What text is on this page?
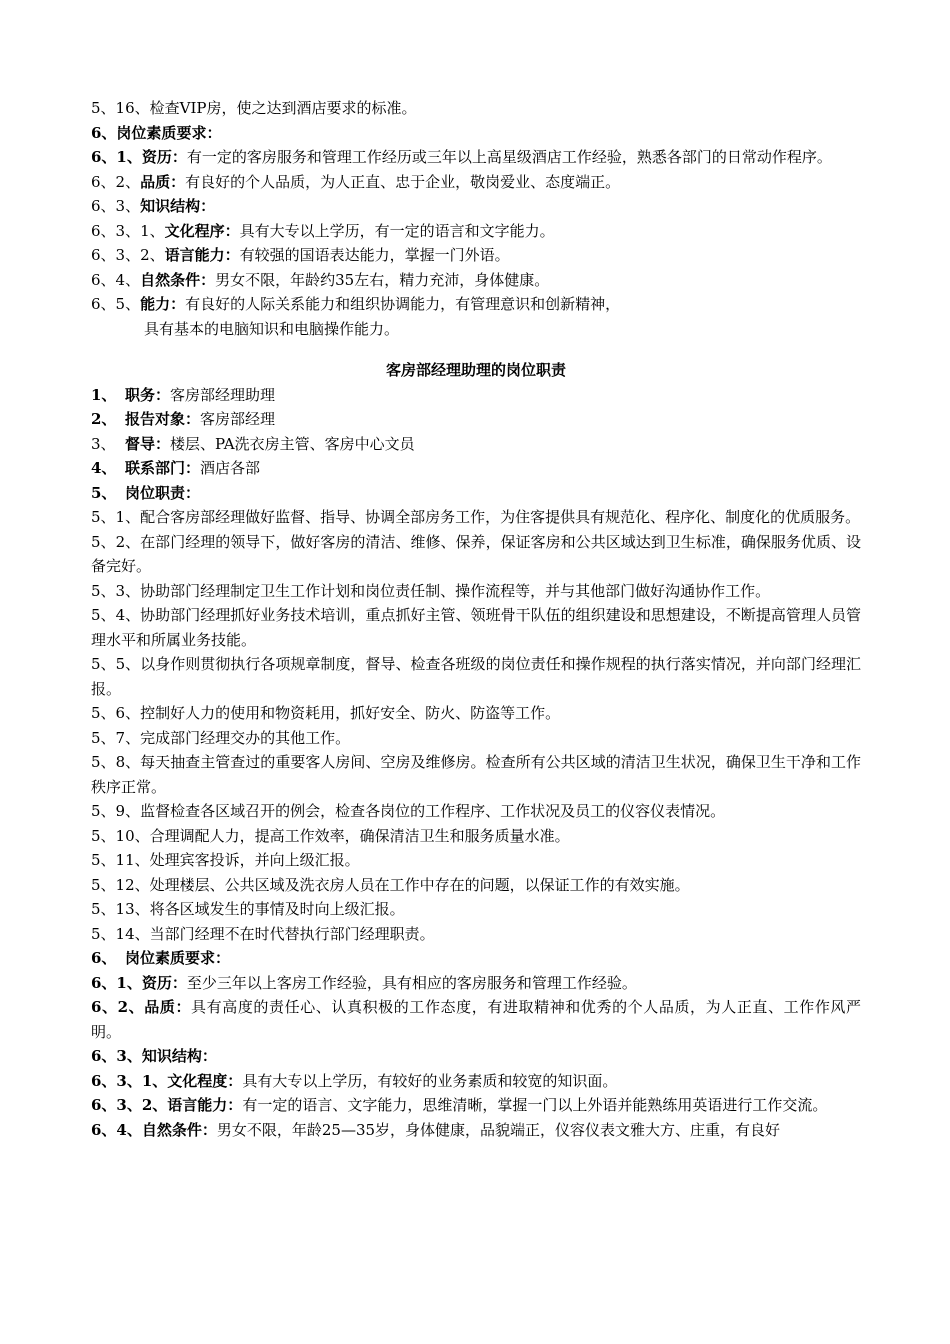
5、16、检查VIP房，使之达到酒店要求的标准。
6、岗位素质要求：
6、1、资历：有一定的客房服务和管理工作经历或三年以上高星级酒店工作经验，熟悉各部门的日常动作程序。
6、2、品质：有良好的个人品质，为人正直、忠于企业，敬岗爱业、态度端正。
6、3、知识结构：
6、3、1、文化程序：具有大专以上学历，有一定的语言和文字能力。
6、3、2、语言能力：有较强的国语表达能力，掌握一门外语。
6、4、自然条件：男女不限，年龄约35左右，精力充沛，身体健康。
6、5、能力：有良好的人际关系能力和组织协调能力，有管理意识和创新精神，
具有基本的电脑知识和电脑操作能力。
客房部经理助理的岗位职责
1、 职务：客房部经理助理
2、 报告对象：客房部经理
3、 督导：楼层、PA洗衣房主管、客房中心文员
4、 联系部门：酒店各部
5、 岗位职责：
5、1、配合客房部经理做好监督、指导、协调全部房务工作，为住客提供具有规范化、程序化、制度化的优质服务。
5、2、在部门经理的领导下，做好客房的清洁、维修、保养，保证客房和公共区域达到卫生标准，确保服务优质、设备完好。
5、3、协助部门经理制定卫生工作计划和岗位责任制、操作流程等，并与其他部门做好沟通协作工作。
5、4、协助部门经理抓好业务技术培训，重点抓好主管、领班骨干队伍的组织建设和思想建设，不断提高管理人员管理水平和所属业务技能。
5、5、以身作则贯彻执行各项规章制度，督导、检查各班级的岗位责任和操作规程的执行落实情况，并向部门经理汇报。
5、6、控制好人力的使用和物资耗用，抓好安全、防火、防盗等工作。
5、7、完成部门经理交办的其他工作。
5、8、每天抽查主管查过的重要客人房间、空房及维修房。检查所有公共区域的清洁卫生状况，确保卫生干净和工作秩序正常。
5、9、监督检查各区域召开的例会，检查各岗位的工作程序、工作状况及员工的仪容仪表情况。
5、10、合理调配人力，提高工作效率，确保清洁卫生和服务质量水准。
5、11、处理宾客投诉，并向上级汇报。
5、12、处理楼层、公共区域及洗衣房人员在工作中存在的问题，以保证工作的有效实施。
5、13、将各区域发生的事情及时向上级汇报。
5、14、当部门经理不在时代替执行部门经理职责。
6、 岗位素质要求：
6、1、资历：至少三年以上客房工作经验，具有相应的客房服务和管理工作经验。
6、2、品质：具有高度的责任心、认真积极的工作态度，有进取精神和优秀的个人品质，为人正直、工作作风严明。
6、3、知识结构：
6、3、1、文化程度：具有大专以上学历，有较好的业务素质和较宽的知识面。
6、3、2、语言能力：有一定的语言、文字能力，思维清晰，掌握一门以上外语并能熟练用英语进行工作交流。
6、4、自然条件：男女不限，年龄25—35岁，身体健康，品貌端正，仪容仪表文雅大方、庄重，有良好
